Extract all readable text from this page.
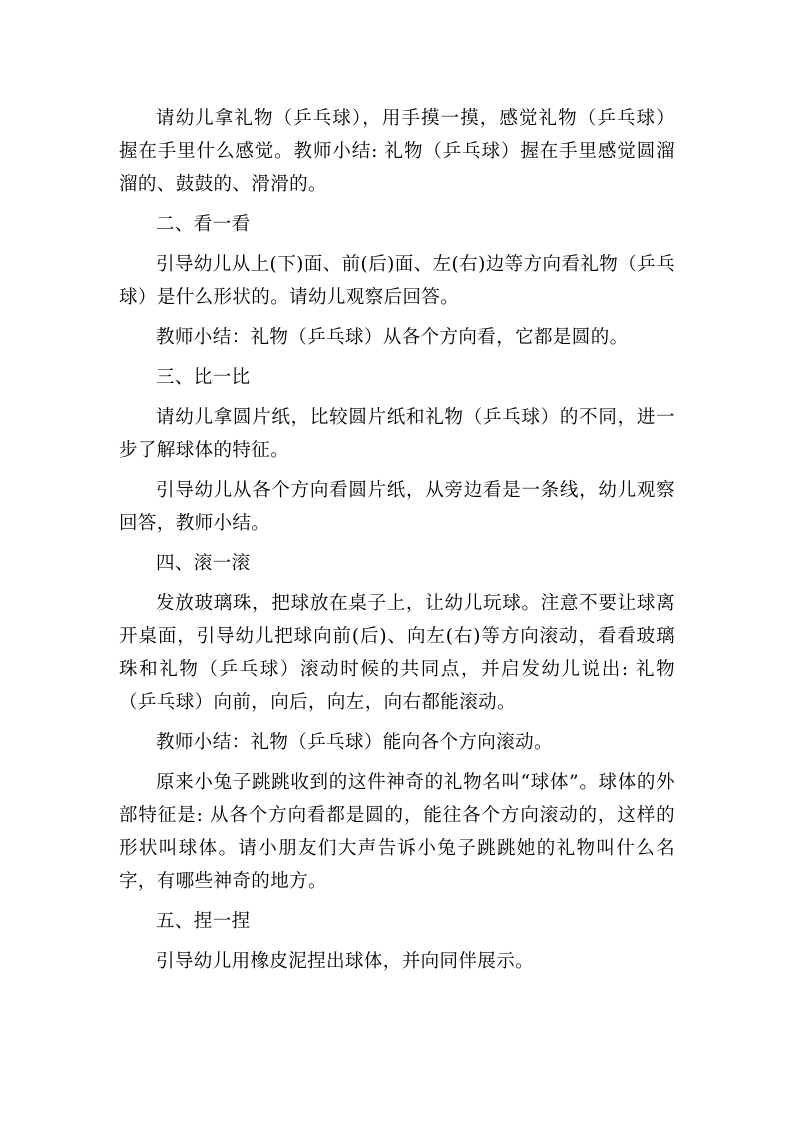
请幼儿拿礼物（乒乓球），用手摸一摸，感觉礼物（乒乓球）握在手里什么感觉。教师小结: 礼物（乒乓球）握在手里感觉圆溜溜的、鼓鼓的、滑滑的。

二、看一看

引导幼儿从上(下)面、前(后)面、左(右)边等方向看礼物（乒乓球）是什么形状的。请幼儿观察后回答。

教师小结：礼物（乒乓球）从各个方向看，它都是圆的。

三、比一比

请幼儿拿圆片纸，比较圆片纸和礼物（乒乓球）的不同，进一步了解球体的特征。

引导幼儿从各个方向看圆片纸，从旁边看是一条线，幼儿观察回答，教师小结。

四、滚一滚

发放玻璃珠，把球放在桌子上，让幼儿玩球。注意不要让球离开桌面，引导幼儿把球向前(后)、向左(右)等方向滚动，看看玻璃珠和礼物（乒乓球）滚动时候的共同点，并启发幼儿说出: 礼物（乒乓球）向前，向后，向左，向右都能滚动。

教师小结：礼物（乒乓球）能向各个方向滚动。

原来小兔子跳跳收到的这件神奇的礼物名叫“球体”。球体的外部特征是: 从各个方向看都是圆的，能往各个方向滚动的，这样的形状叫球体。请小朋友们大声告诉小兔子跳跳她的礼物叫什么名字，有哪些神奇的地方。

五、捏一捏

引导幼儿用橡皮泥捏出球体，并向同伴展示。
